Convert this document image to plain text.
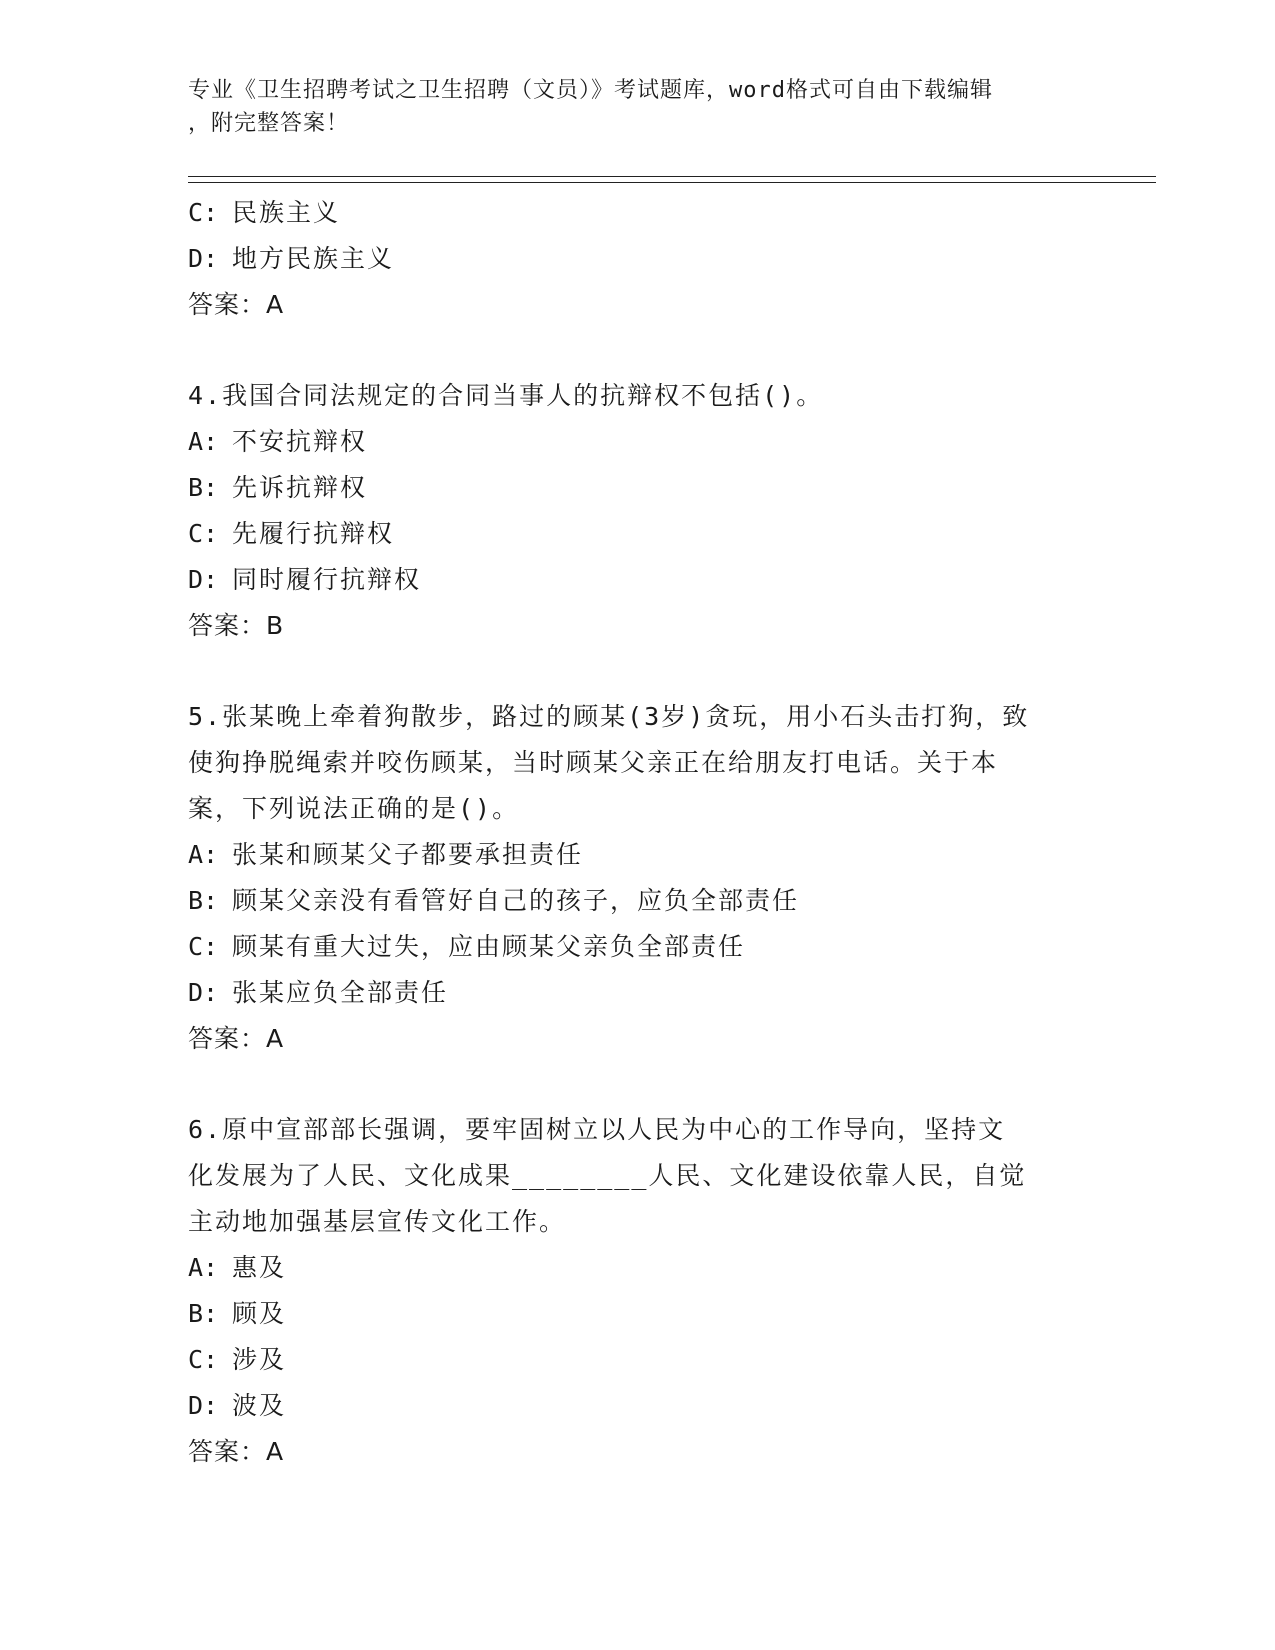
专业《卫生招聘考试之卫生招聘（文员）》考试题库，word格式可自由下载编辑
，附完整答案！
C: 民族主义
D: 地方民族主义
答案：A
4.我国合同法规定的合同当事人的抗辩权不包括()。
A: 不安抗辩权
B: 先诉抗辩权
C: 先履行抗辩权
D: 同时履行抗辩权
答案：B
5.张某晚上牵着狗散步，路过的顾某(3岁)贪玩，用小石头击打狗，致
使狗挣脱绳索并咬伤顾某，当时顾某父亲正在给朋友打电话。关于本
案，下列说法正确的是()。
A: 张某和顾某父子都要承担责任
B: 顾某父亲没有看管好自己的孩子，应负全部责任
C: 顾某有重大过失，应由顾某父亲负全部责任
D: 张某应负全部责任
答案：A
6.原中宣部部长强调，要牢固树立以人民为中心的工作导向，坚持文
化发展为了人民、文化成果________人民、文化建设依靠人民，自觉
主动地加强基层宣传文化工作。
A: 惠及
B: 顾及
C: 涉及
D: 波及
答案：A
